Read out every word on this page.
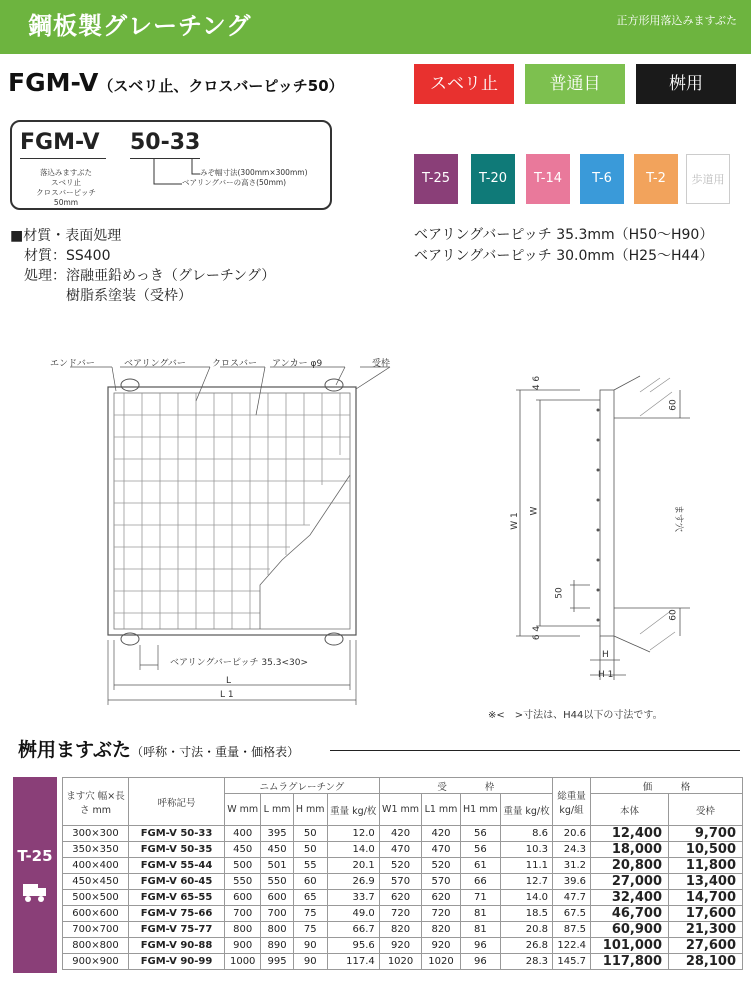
鋼板製グレーチング	正方形用落込みますぶた
FGM-V（スベリ止、クロスバーピッチ50）	スベリ止	普通目	桝用
FGM-V 50-33
落込みますぶた
スベリ止
クロスバーピッチ50mm
みぞ幅寸法(300mm×300mm)
ベアリングバーの高さ(50mm)	T-25	T-20	T-14	T-6	T-2	歩道用
■材質・表面処理
材質：SS400
処理：溶融亜鉛めっき（グレーチング）
樹脂系塗装（受枠）
ベアリングバーピッチ 35.3mm（H50～H90）
ベアリングバーピッチ 30.0mm（H25～H44）
エンドバー	ベアリングバー	クロスバー アンカー φ9	受枠
ベアリングバーピッチ 35.3<30>
L
L 1
4 6
60
W 1
W	ます穴
50
60
6 4
H
H 1
※<　>寸法は、H44以下の寸法です。
桝用ますぶた（呼称・寸法・重量・価格表）
T-25
ます穴 幅×長さ mm	呼称記号	ニムラグレーチング				受　　　　枠				総重量 kg/組	価　　　格	
		W mm	L mm	H mm	重量 kg/枚	W1 mm	L1 mm	H1 mm	重量 kg/枚		本体	受枠
300×300	FGM-V 50-33	400	395	50	12.0	420	420	56	8.6	20.6	12,400	9,700
350×350	FGM-V 50-35	450	450	50	14.0	470	470	56	10.3	24.3	18,000	10,500
400×400	FGM-V 55-44	500	501	55	20.1	520	520	61	11.1	31.2	20,800	11,800
450×450	FGM-V 60-45	550	550	60	26.9	570	570	66	12.7	39.6	27,000	13,400
500×500	FGM-V 65-55	600	600	65	33.7	620	620	71	14.0	47.7	32,400	14,700
600×600	FGM-V 75-66	700	700	75	49.0	720	720	81	18.5	67.5	46,700	17,600
700×700	FGM-V 75-77	800	800	75	66.7	820	820	81	20.8	87.5	60,900	21,300
800×800	FGM-V 90-88	900	890	90	95.6	920	920	96	26.8	122.4	101,000	27,600
900×900	FGM-V 90-99	1000	995	90	117.4	1020	1020	96	28.3	145.7	117,800	28,100
